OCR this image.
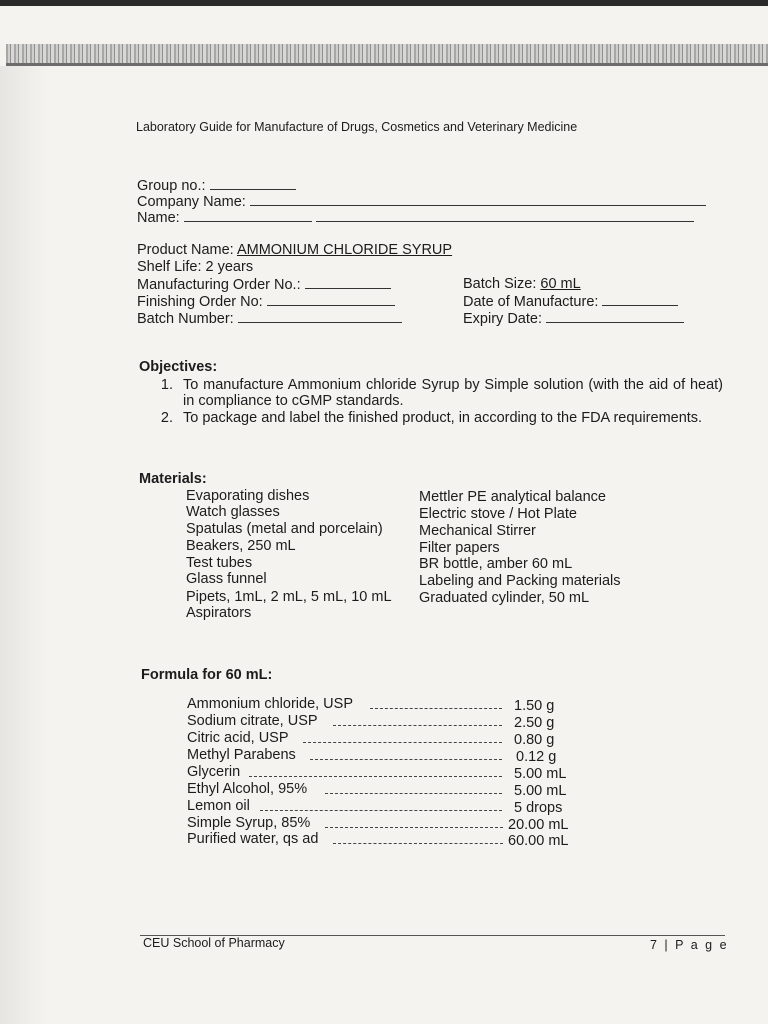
Laboratory Guide for Manufacture of Drugs, Cosmetics and Veterinary Medicine
Group no.:
Company Name:
Name:
Product Name: AMMONIUM CHLORIDE SYRUP
Shelf Life: 2 years
Manufacturing Order No.:
Finishing Order No:
Batch Number:
Batch Size: 60 mL
Date of Manufacture:
Expiry Date:
Objectives:
1. To manufacture Ammonium chloride Syrup by Simple solution (with the aid of heat) in compliance to cGMP standards.
2. To package and label the finished product, in according to the FDA requirements.
Materials:
Evaporating dishes
Watch glasses
Spatulas (metal and porcelain)
Beakers, 250 mL
Test tubes
Glass funnel
Pipets, 1mL, 2 mL, 5 mL, 10 mL
Aspirators
Mettler PE analytical balance
Electric stove / Hot Plate
Mechanical Stirrer
Filter papers
BR bottle, amber 60 mL
Labeling and Packing materials
Graduated cylinder, 50 mL
Formula for 60 mL:
Ammonium chloride, USP	1.50 g
Sodium citrate, USP	2.50 g
Citric acid, USP	0.80 g
Methyl Parabens	0.12 g
Glycerin	5.00 mL
Ethyl Alcohol, 95%	5.00 mL
Lemon oil	5 drops
Simple Syrup, 85%	20.00 mL
Purified water, qs ad	60.00 mL
CEU School of Pharmacy	7 | P a g e
